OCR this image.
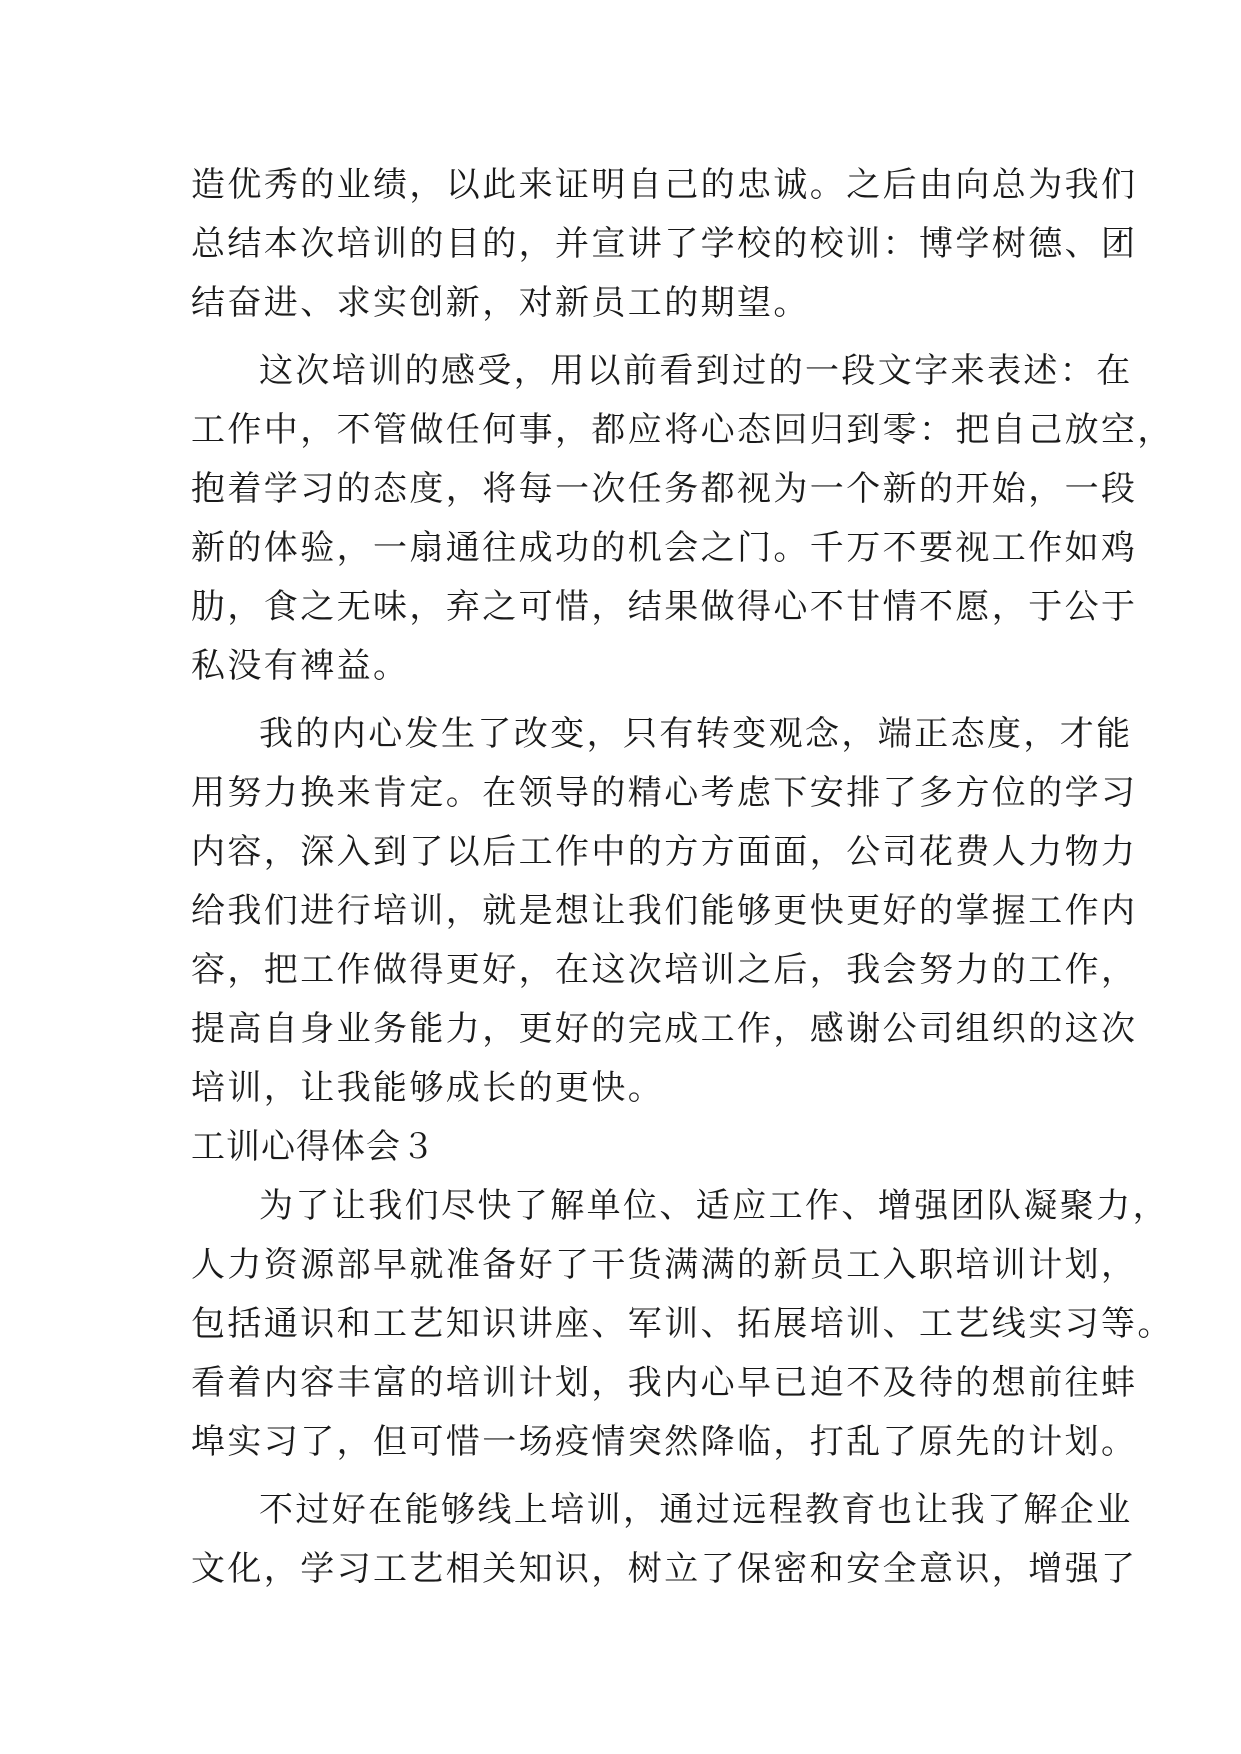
造优秀的业绩，以此来证明自己的忠诚。之后由向总为我们
总结本次培训的目的，并宣讲了学校的校训：博学树德、团
结奋进、求实创新，对新员工的期望。
这次培训的感受，用以前看到过的一段文字来表述：在
工作中，不管做任何事，都应将心态回归到零：把自己放空，
抱着学习的态度，将每一次任务都视为一个新的开始，一段
新的体验，一扇通往成功的机会之门。千万不要视工作如鸡
肋，食之无味，弃之可惜，结果做得心不甘情不愿，于公于
私没有裨益。
我的内心发生了改变，只有转变观念，端正态度，才能
用努力换来肯定。在领导的精心考虑下安排了多方位的学习
内容，深入到了以后工作中的方方面面，公司花费人力物力
给我们进行培训，就是想让我们能够更快更好的掌握工作内
容，把工作做得更好，在这次培训之后，我会努力的工作，
提高自身业务能力，更好的完成工作，感谢公司组织的这次
培训，让我能够成长的更快。
工训心得体会３
为了让我们尽快了解单位、适应工作、增强团队凝聚力，
人力资源部早就准备好了干货满满的新员工入职培训计划，
包括通识和工艺知识讲座、军训、拓展培训、工艺线实习等。
看着内容丰富的培训计划，我内心早已迫不及待的想前往蚌
埠实习了，但可惜一场疫情突然降临，打乱了原先的计划。
不过好在能够线上培训，通过远程教育也让我了解企业
文化，学习工艺相关知识，树立了保密和安全意识，增强了
